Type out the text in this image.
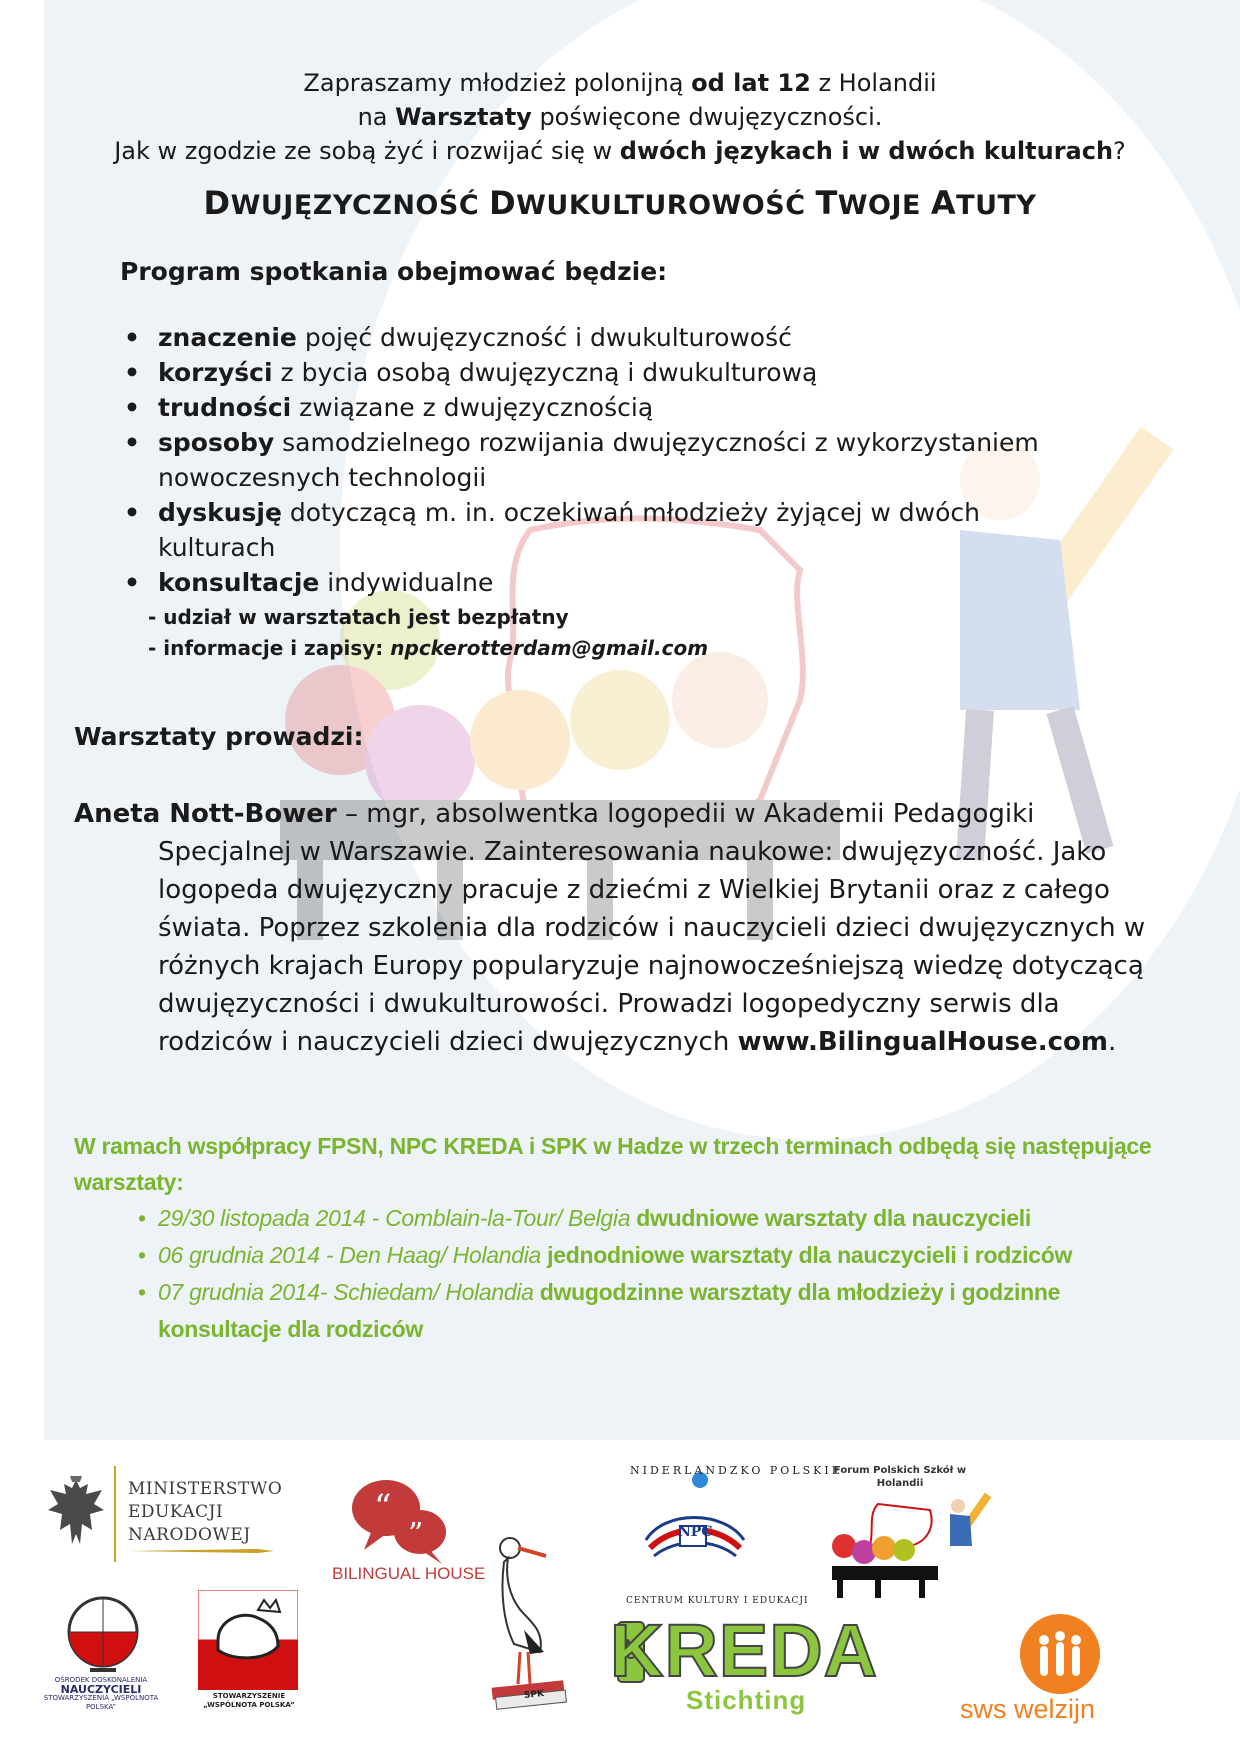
Zapraszamy młodzież polonijną od lat 12 z Holandii
na Warsztaty poświęcone dwujęzyczności.
Jak w zgodzie ze sobą żyć i rozwijać się w dwóch językach i w dwóch kulturach?
DWUJĘZYCZNOŚĆ DWUKULTUROWOŚĆ TWOJE ATUTY
Program spotkania obejmować będzie:
• znaczenie pojęć dwujęzyczność i dwukulturowość
• korzyści z bycia osobą dwujęzyczną i dwukulturową
• trudności związane z dwujęzycznością
• sposoby samodzielnego rozwijania dwujęzyczności z wykorzystaniem nowoczesnych technologii
• dyskusję dotyczącą m. in. oczekiwań młodzieży żyjącej w dwóch kulturach
• konsultacje indywidualne
- udział w warsztatach jest bezpłatny
- informacje i zapisy: npckerotterdam@gmail.com
Warsztaty prowadzi:
Aneta Nott-Bower – mgr, absolwentka logopedii w Akademii Pedagogiki
Specjalnej w Warszawie. Zainteresowania naukowe: dwujęzyczność. Jako logopeda dwujęzyczny pracuje z dziećmi z Wielkiej Brytanii oraz z całego świata. Poprzez szkolenia dla rodziców i nauczycieli dzieci dwujęzycznych w różnych krajach Europy popularyzuje najnowocześniejszą wiedzę dotyczącą dwujęzyczności i dwukulturowości. Prowadzi logopedyczny serwis dla rodziców i nauczycieli dzieci dwujęzycznych www.BilingualHouse.com.
W ramach współpracy FPSN, NPC KREDA i SPK w Hadze w trzech terminach odbędą się następujące warsztaty:
• 29/30 listopada 2014 - Comblain-la-Tour/ Belgia dwudniowe warsztaty dla nauczycieli
• 06 grudnia 2014 - Den Haag/ Holandia jednodniowe warsztaty dla nauczycieli i rodziców
• 07 grudnia 2014- Schiedam/ Holandia dwugodzinne warsztaty dla młodzieży i godzinne konsultacje dla rodziców
MINISTERSTWO
EDUKACJI
NARODOWEJ
“
”
BILINGUAL HOUSE
SPK
NPC
NIDERLANDZKO POLSKIE
CENTRUM KULTURY I EDUKACJI
Forum Polskich Szkół w Holandii
KREDA
Stichting
OŚRODEK DOSKONALENIA
NAUCZYCIELI
STOWARZYSZENIA „WSPÓLNOTA POLSKA”
STOWARZYSZENIE „WSPÓLNOTA POLSKA”	sws welzijn
